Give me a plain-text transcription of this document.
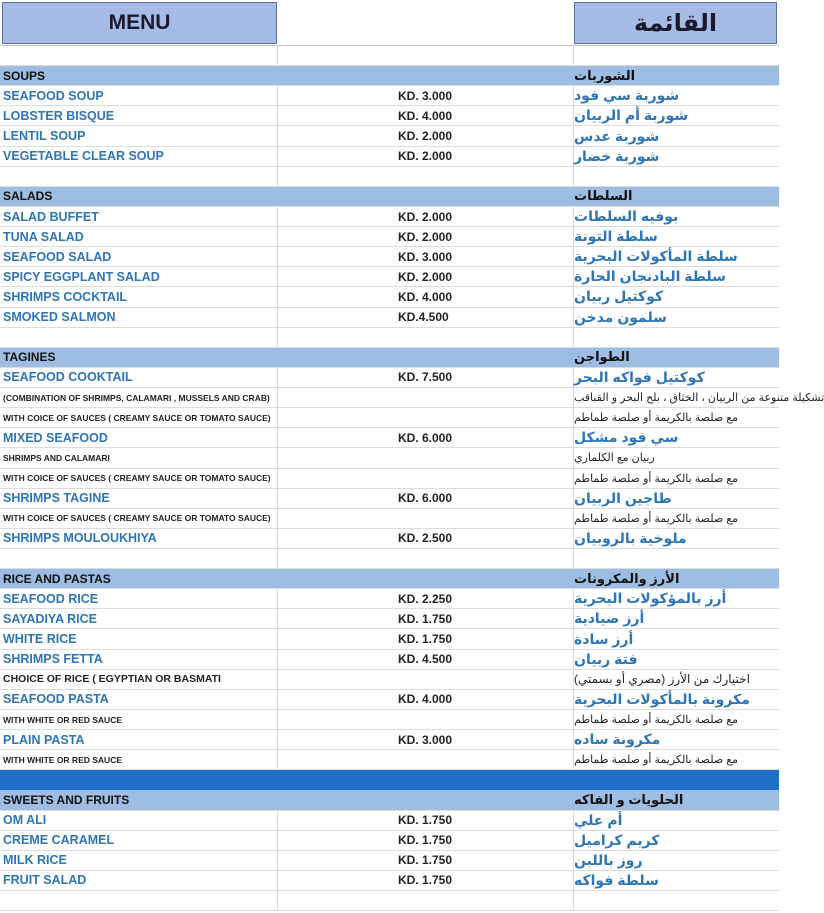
MENU	القائمة
SOUPS	الشوربات
SEAFOOD SOUP	KD. 3.000	شوربة سي فود
LOBSTER BISQUE	KD. 4.000	شوربة أم الربيان
LENTIL SOUP	KD. 2.000	شوربة عدس
VEGETABLE CLEAR SOUP	KD. 2.000	شوربة خضار
SALADS	السلطات
SALAD BUFFET	KD. 2.000	بوفيه السلطات
TUNA SALAD	KD. 2.000	سلطة التونة
SEAFOOD SALAD	KD. 3.000	سلطة المأكولات البحرية
SPICY EGGPLANT SALAD	KD. 2.000	سلطة البادنجان الحارة
SHRIMPS COCKTAIL	KD. 4.000	كوكتيل ربيان
SMOKED SALMON	KD.4.500	سلمون مدخن
TAGINES	الطواجن
SEAFOOD COOKTAIL	KD. 7.500	كوكتيل فواكه البحر
(COMBINATION OF SHRIMPS, CALAMARI , MUSSELS AND CRAB)	تشكيلة متنوعة من الربيان ، الخثاق ، بلح البحر و القباقب
WITH COICE OF SAUCES ( CREAMY SAUCE OR TOMATO SAUCE)	مع صلصة بالكريمة أو صلصة طماطم
MIXED SEAFOOD	KD. 6.000	سي فود مشكل
SHRIMPS AND CALAMARI	ربيان مع الكلماري
WITH COICE OF SAUCES ( CREAMY SAUCE OR TOMATO SAUCE)	مع صلصة بالكريمة أو صلصة طماطم
SHRIMPS TAGINE	KD. 6.000	طاجين الربيان
WITH COICE OF SAUCES ( CREAMY SAUCE OR TOMATO SAUCE)	مع صلصة بالكريمة أو صلصة طماطم
SHRIMPS MOULOUKHIYA	KD. 2.500	ملوخية بالروبيان
RICE AND PASTAS	الأرز والمكرونات
SEAFOOD RICE	KD. 2.250	أرز بالمؤكولات البحرية
SAYADIYA RICE	KD. 1.750	أرز صيادية
WHITE RICE	KD. 1.750	أرز سادة
SHRIMPS FETTA	KD. 4.500	فتة ربيان
CHOICE OF RICE ( EGYPTIAN OR BASMATI	اختيارك من الأرز (مصري أو بسمتي)
SEAFOOD PASTA	KD. 4.000	مكرونة بالمأكولات البحرية
WITH WHITE OR RED SAUCE	مع صلصة بالكريمة أو صلصة طماطم
PLAIN PASTA	KD. 3.000	مكرونة ساده
WITH WHITE OR RED SAUCE	مع صلصة بالكريمة أو صلصة طماطم
SWEETS AND FRUITS	الحلويات و الفاكه
OM ALI	KD. 1.750	أم علي
CREME CARAMEL	KD. 1.750	كريم كراميل
MILK RICE	KD. 1.750	روز باللبن
FRUIT SALAD	KD. 1.750	سلطة فواكه
